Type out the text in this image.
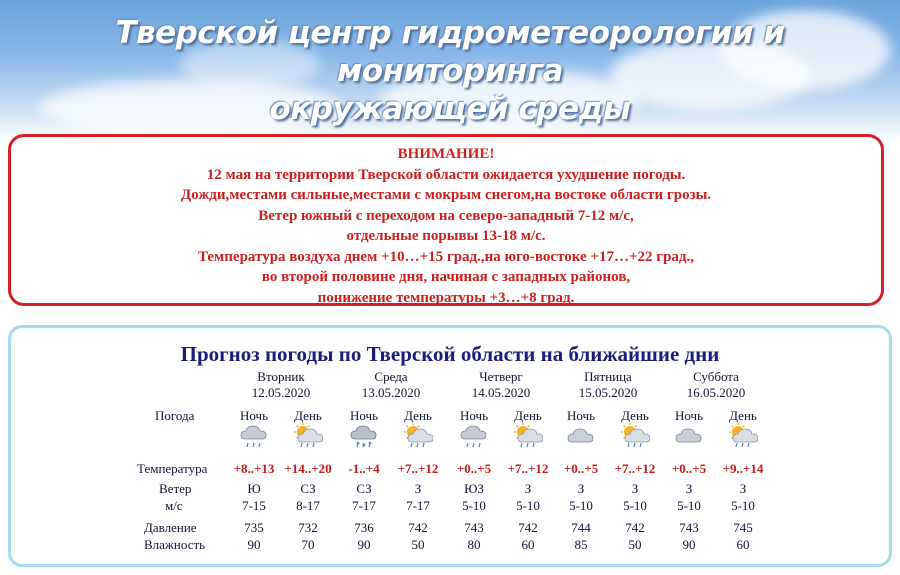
Тверской центр гидрометеорологии и мониторинга
окружающей среды
ВНИМАНИЕ!
12 мая на территории Тверской области ожидается ухудшение погоды.
Дожди,местами сильные,местами с мокрым снегом,на востоке области грозы.
Ветер южный с переходом на северо-западный 7-12 м/с,
отдельные порывы 13-18 м/с.
Температура воздуха днем +10…+15 град.,на юго-востоке +17…+22 град.,
во второй половине дня, начиная с западных районов,
понижение температуры +3…+8 град.
Прогноз погоды по Тверской области на ближайшие дни
Погода
Температура
Ветер
м/с
Давление
Влажность
Вторник
12.05.2020
Ночь
+8..+13
Ю
7-15
735
90
День
+14..+20
СЗ
8-17
732
70
Среда
13.05.2020
Ночь
-1..+4
СЗ
7-17
736
90
День
+7..+12
З
7-17
742
50
Четверг
14.05.2020
Ночь
+0..+5
ЮЗ
5-10
743
80
День
+7..+12
З
5-10
742
60
Пятница
15.05.2020
Ночь
+0..+5
З
5-10
744
85
День
+7..+12
З
5-10
742
50
Суббота
16.05.2020
Ночь
+0..+5
З
5-10
743
90
День
+9..+14
З
5-10
745
60
